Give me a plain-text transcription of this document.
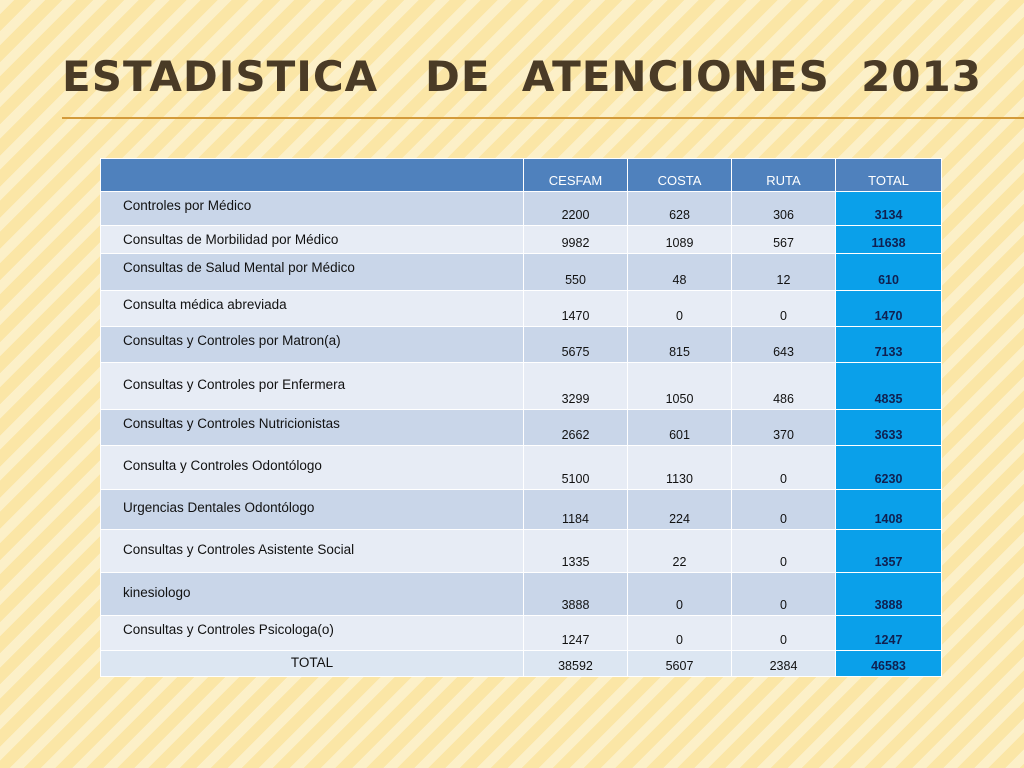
ESTADISTICA   DE  ATENCIONES  2013
	CESFAM	COSTA	RUTA	TOTAL
Controles por Médico	2200	628	306	3134
Consultas de Morbilidad por Médico	9982	1089	567	11638
Consultas de Salud Mental por Médico	550	48	12	610
Consulta médica abreviada	1470	0	0	1470
Consultas y Controles por Matron(a)	5675	815	643	7133
Consultas y Controles por Enfermera	3299	1050	486	4835
Consultas y Controles Nutricionistas	2662	601	370	3633
Consulta y Controles Odontólogo	5100	1130	0	6230
Urgencias Dentales Odontólogo	1184	224	0	1408
Consultas y Controles Asistente Social	1335	22	0	1357
kinesiologo	3888	0	0	3888
Consultas y Controles Psicologa(o)	1247	0	0	1247
TOTAL	38592	5607	2384	46583
